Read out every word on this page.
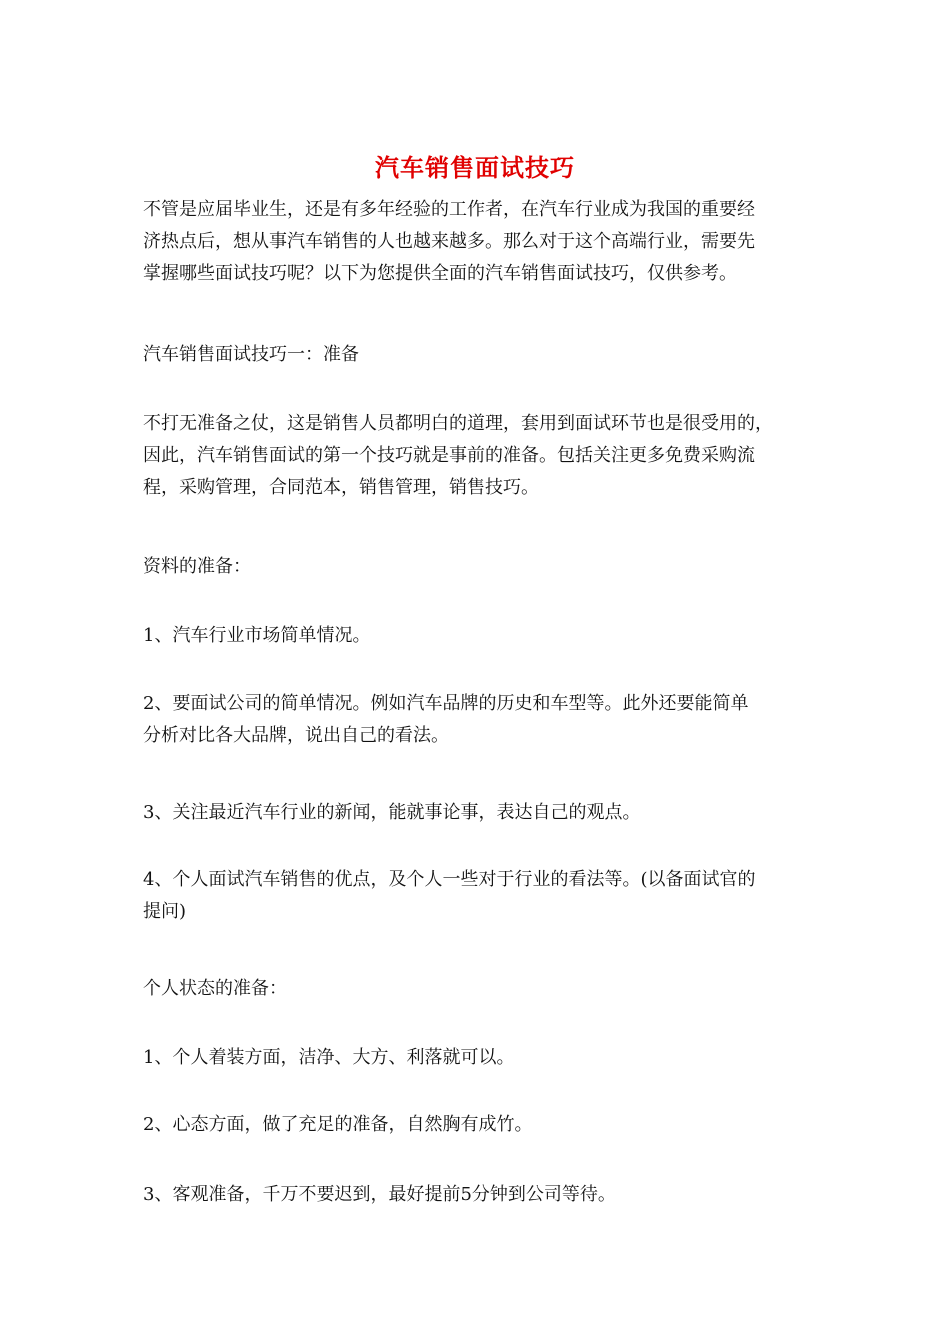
汽车销售面试技巧
不管是应届毕业生，还是有多年经验的工作者，在汽车行业成为我国的重要经
济热点后，想从事汽车销售的人也越来越多。那么对于这个高端行业，需要先
掌握哪些面试技巧呢？以下为您提供全面的汽车销售面试技巧，仅供参考。
汽车销售面试技巧一：准备
不打无准备之仗，这是销售人员都明白的道理，套用到面试环节也是很受用的，
因此，汽车销售面试的第一个技巧就是事前的准备。包括关注更多免费采购流
程，采购管理，合同范本，销售管理，销售技巧。
资料的准备：
1、汽车行业市场简单情况。
2、要面试公司的简单情况。例如汽车品牌的历史和车型等。此外还要能简单
分析对比各大品牌，说出自己的看法。
3、关注最近汽车行业的新闻，能就事论事，表达自己的观点。
4、个人面试汽车销售的优点，及个人一些对于行业的看法等。(以备面试官的
提问)
个人状态的准备：
1、个人着装方面，洁净、大方、利落就可以。
2、心态方面，做了充足的准备，自然胸有成竹。
3、客观准备，千万不要迟到，最好提前5分钟到公司等待。
